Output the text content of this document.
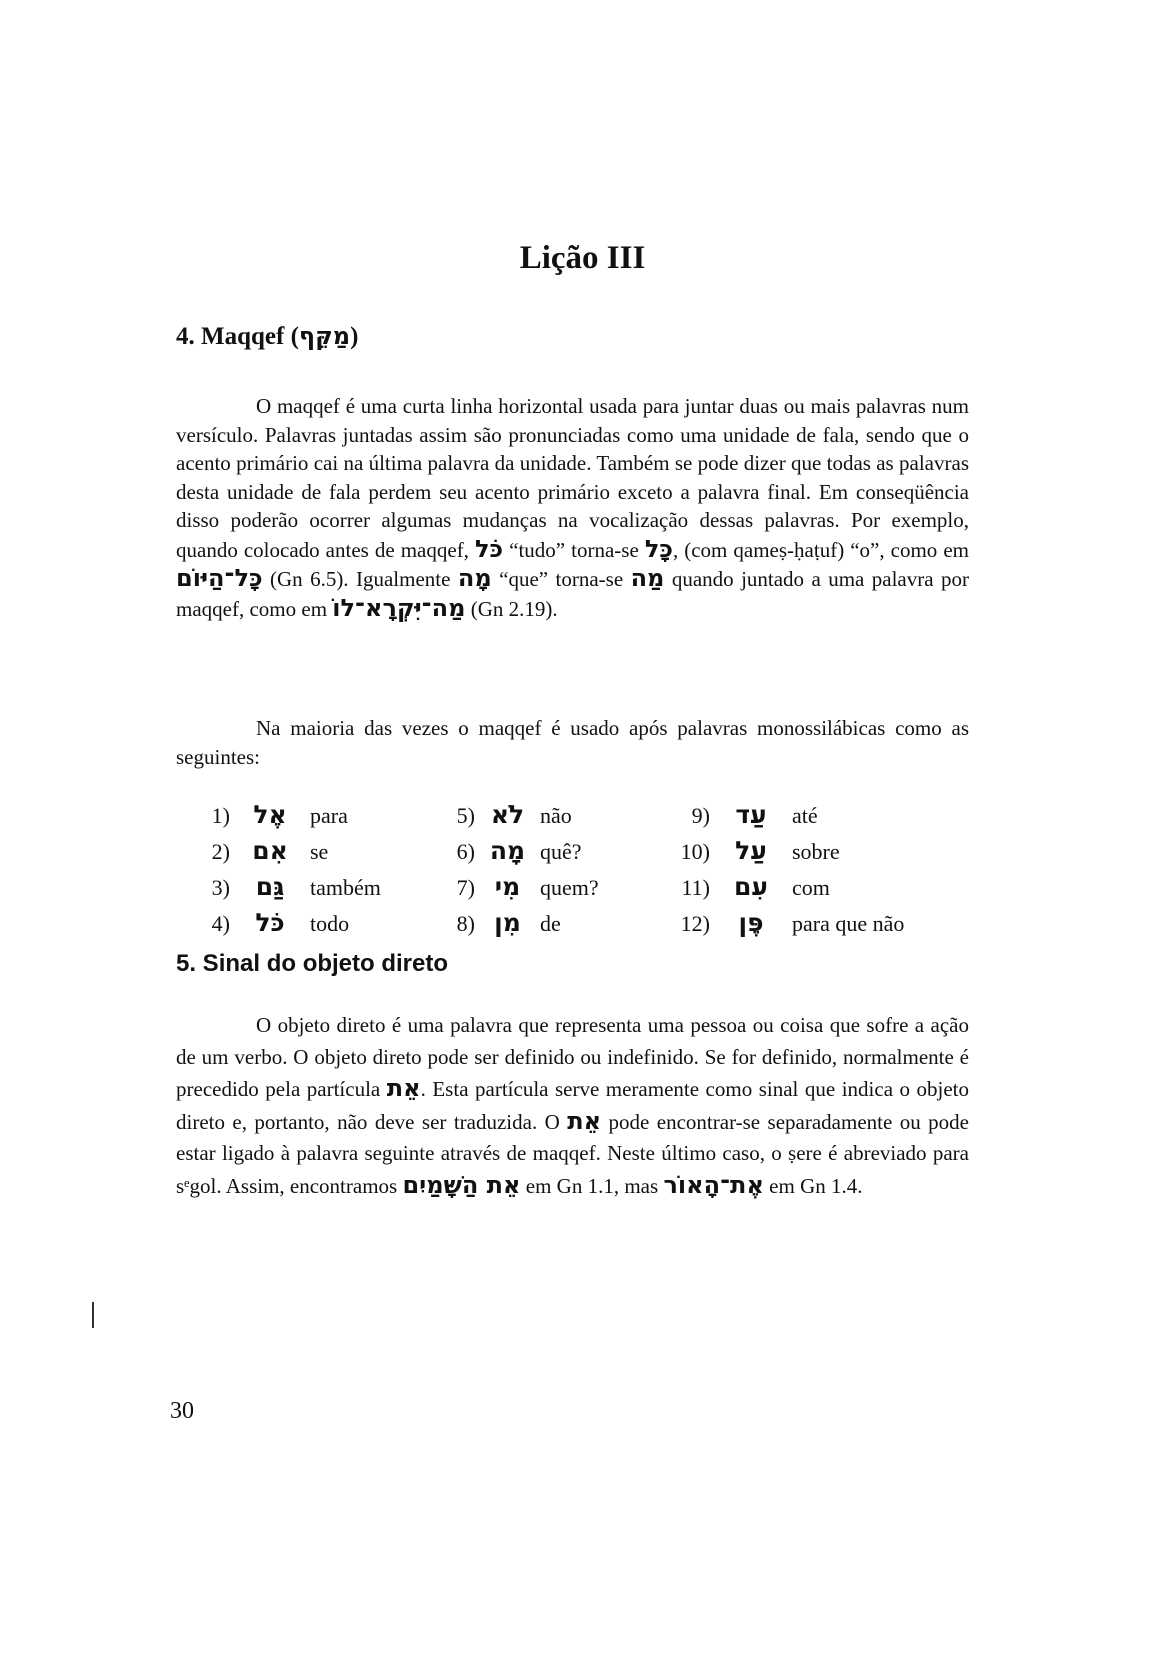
Lição III
4. Maqqef (מַקֵּף)

O maqqef é uma curta linha horizontal usada para juntar duas ou mais palavras num versículo. Palavras juntadas assim são pronunciadas como uma unidade de fala, sendo que o acento primário cai na última palavra da unidade. Também se pode dizer que todas as palavras desta unidade de fala perdem seu acento primário exceto a palavra final. Em conseqüência disso poderão ocorrer algumas mudanças na vocalização dessas palavras. Por exemplo, quando colocado antes de maqqef, כֹּל “tudo” torna-se כָּל, (com qameṣ-ḥaṭuf) “o”, como em כָּל־הַיּוֹם (Gn 6.5). Igualmente מָה “que” torna-se מַה quando juntado a uma palavra por maqqef, como em מַה־יִּקְרָא־לוֹ (Gn 2.19).

Na maioria das vezes o maqqef é usado após palavras monossilábicas como as seguintes:

1) אֶל	para	5) לֹא não	9)	עַד	até
2) אִם	se	6) מָה quê?	10)	עַל	sobre
3)	גַּם	também	7) מִי quem?	11) עִם	com
4)	כֹּל	todo	8) מִן de	12)	פֶּן	para que não
5. Sinal do objeto direto

O objeto direto é uma palavra que representa uma pessoa ou coisa que sofre a ação de um verbo. O objeto direto pode ser definido ou indefinido. Se for definido, normalmente é precedido pela partícula אֵת. Esta partícula serve meramente como sinal que indica o objeto direto e, portanto, não deve ser traduzida. O אֵת pode encontrar-se separadamente ou pode estar ligado à palavra seguinte através de maqqef. Neste último caso, o ṣere é abreviado para sᵉgol. Assim, encontramos אֵת הַשָּׁמַיִם em Gn 1.1, mas אֶת־הָאוֹר em Gn 1.4.

30
